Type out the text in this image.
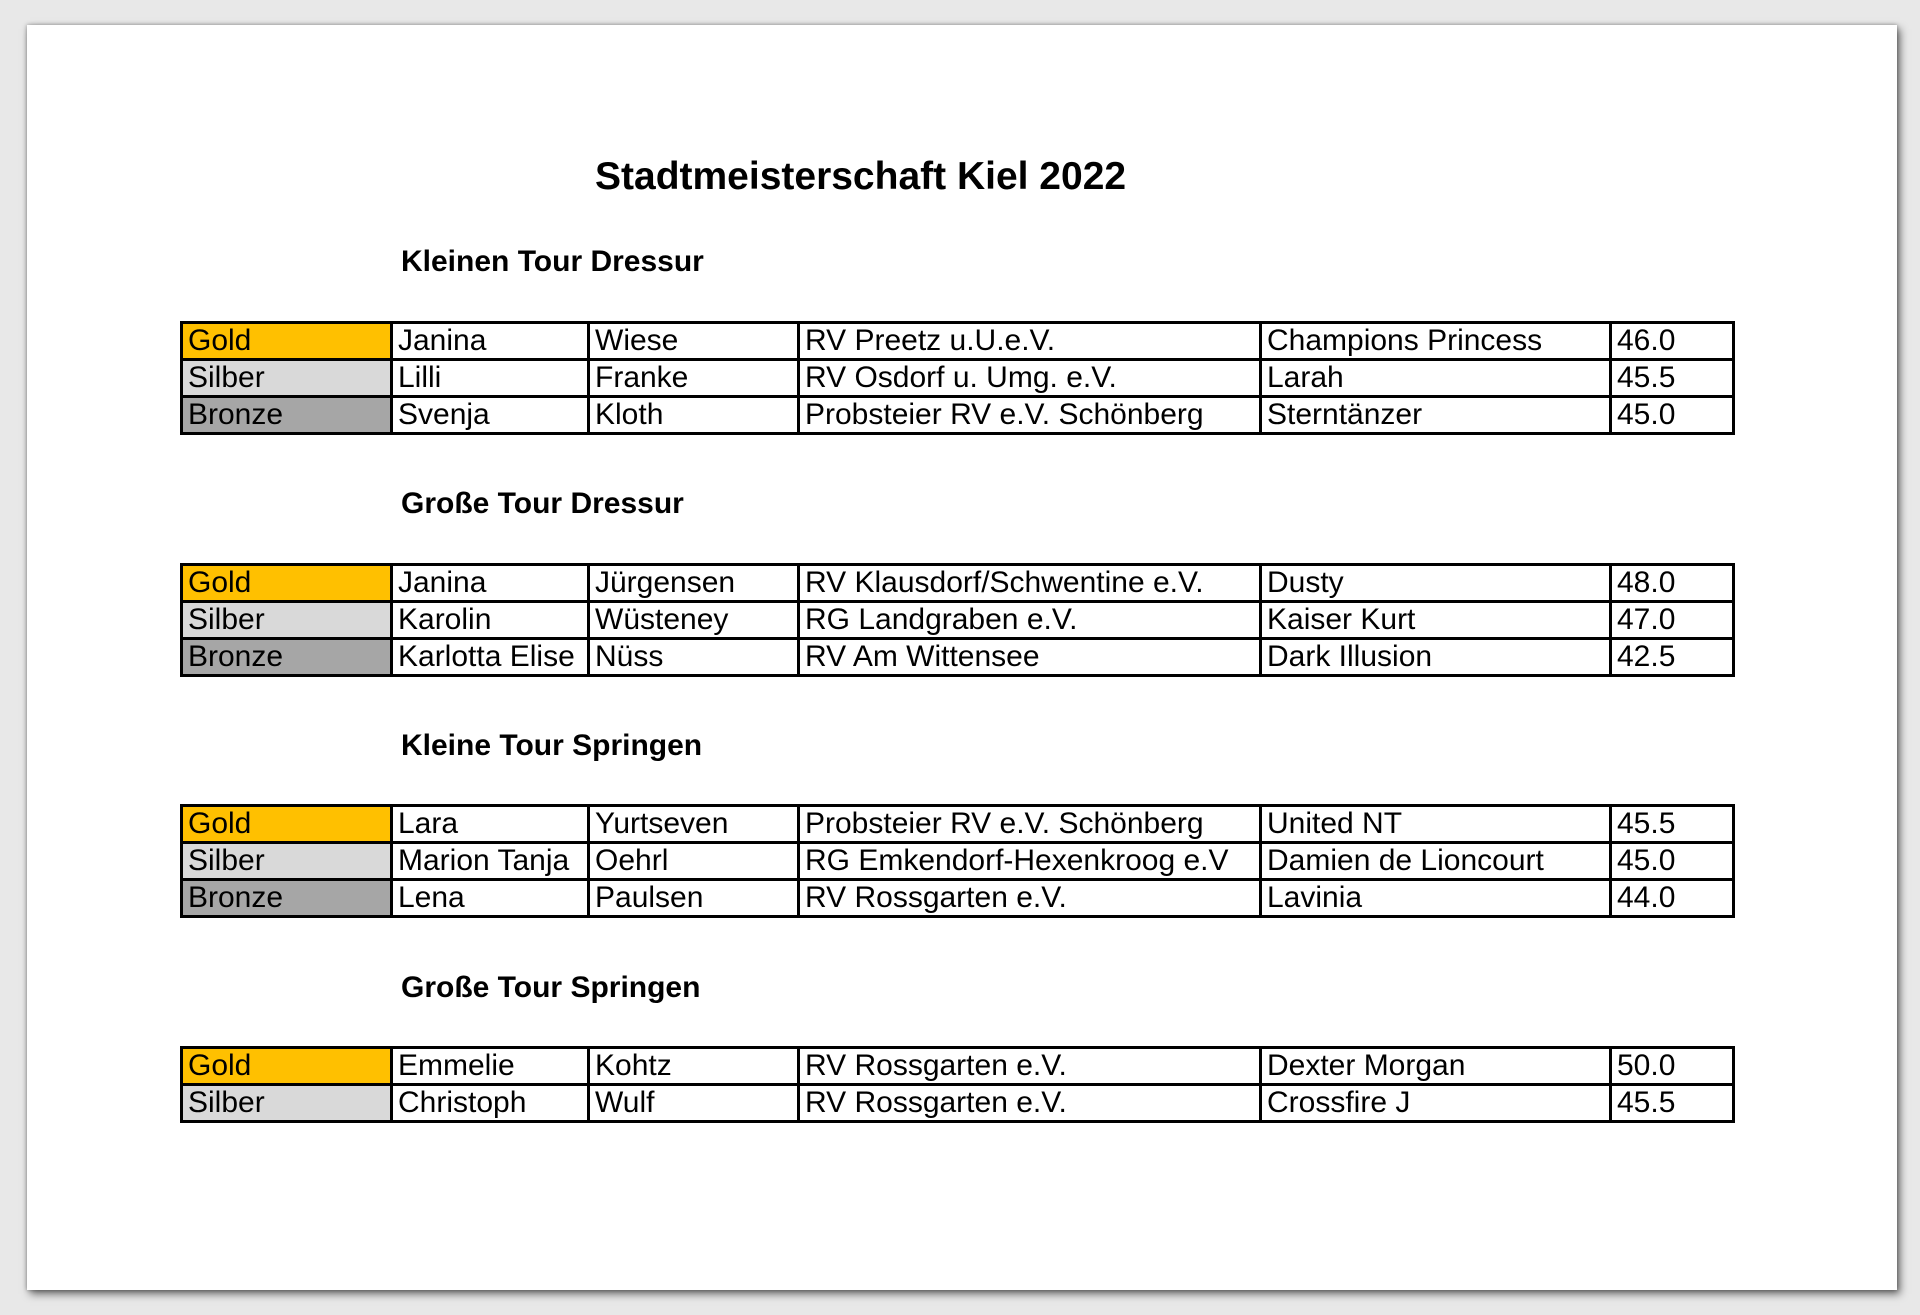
Stadtmeisterschaft Kiel 2022
Kleinen Tour Dressur
Gold	Janina	Wiese	RV Preetz u.U.e.V.	Champions Princess	46.0
Silber	Lilli	Franke	RV Osdorf u. Umg. e.V.	Larah	45.5
Bronze	Svenja	Kloth	Probsteier RV e.V. Schönberg	Sterntänzer	45.0
Große Tour Dressur
Gold	Janina	Jürgensen	RV Klausdorf/Schwentine e.V.	Dusty	48.0
Silber	Karolin	Wüsteney	RG Landgraben e.V.	Kaiser Kurt	47.0
Bronze	Karlotta Elise	Nüss	RV Am Wittensee	Dark Illusion	42.5
Kleine Tour Springen
Gold	Lara	Yurtseven	Probsteier RV e.V. Schönberg	United NT	45.5
Silber	Marion Tanja	Oehrl	RG Emkendorf-Hexenkroog e.V	Damien de Lioncourt	45.0
Bronze	Lena	Paulsen	RV Rossgarten e.V.	Lavinia	44.0
Große Tour Springen
Gold	Emmelie	Kohtz	RV Rossgarten e.V.	Dexter Morgan	50.0
Silber	Christoph	Wulf	RV Rossgarten e.V.	Crossfire J	45.5
